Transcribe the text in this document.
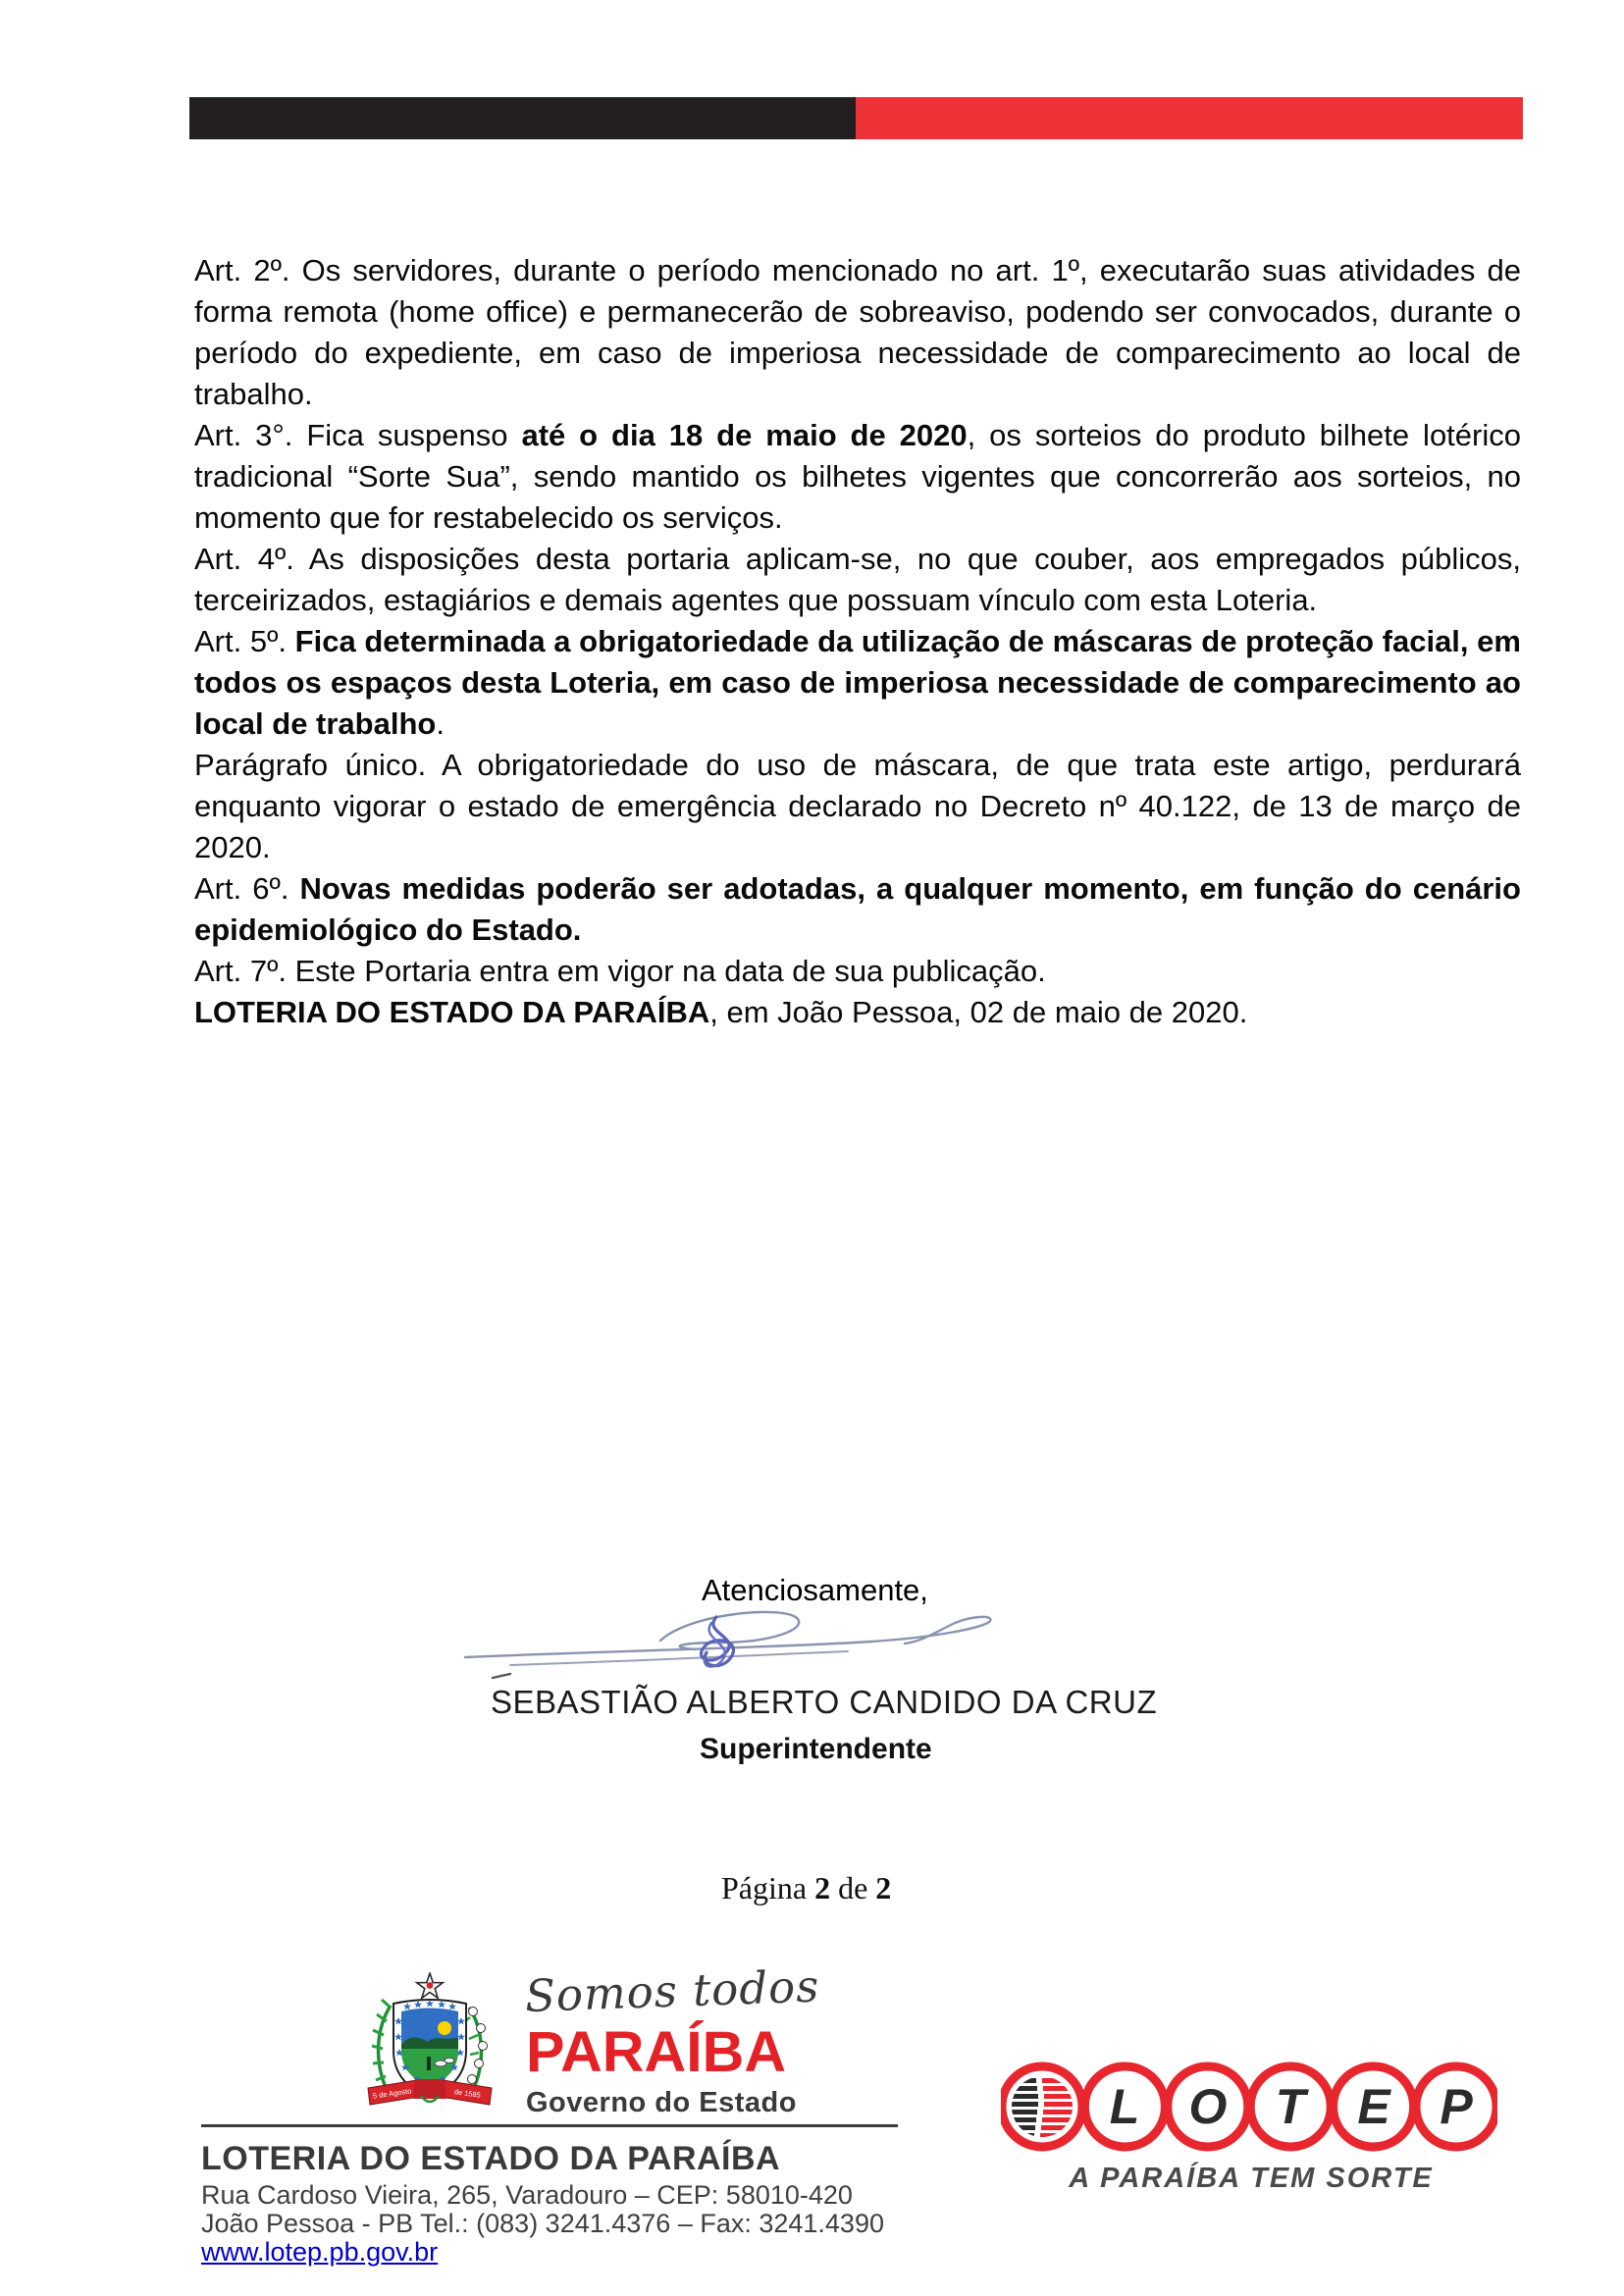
Art. 2º. Os servidores, durante o período mencionado no art. 1º, executarão suas atividades de forma remota (home office) e permanecerão de sobreaviso, podendo ser convocados, durante o período do expediente, em caso de imperiosa necessidade de comparecimento ao local de trabalho.

Art. 3°. Fica suspenso até o dia 18 de maio de 2020, os sorteios do produto bilhete lotérico tradicional “Sorte Sua”, sendo mantido os bilhetes vigentes que concorrerão aos sorteios, no momento que for restabelecido os serviços.

Art. 4º. As disposições desta portaria aplicam-se, no que couber, aos empregados públicos, terceirizados, estagiários e demais agentes que possuam vínculo com esta Loteria.

Art. 5º. Fica determinada a obrigatoriedade da utilização de máscaras de proteção facial, em todos os espaços desta Loteria, em caso de imperiosa necessidade de comparecimento ao local de trabalho.

Parágrafo único. A obrigatoriedade do uso de máscara, de que trata este artigo, perdurará enquanto vigorar o estado de emergência declarado no Decreto nº 40.122, de 13 de março de 2020.

Art. 6º. Novas medidas poderão ser adotadas, a qualquer momento, em função do cenário epidemiológico do Estado.

Art. 7º. Este Portaria entra em vigor na data de sua publicação.

LOTERIA DO ESTADO DA PARAÍBA, em João Pessoa, 02 de maio de 2020.

Atenciosamente,
SEBASTIÃO ALBERTO CANDIDO DA CRUZ
Superintendente
Página 2 de 2
5 de Agosto	de 1585
Somos todos
PARAÍBA
Governo do Estado
LOTERIA DO ESTADO DA PARAÍBA
Rua Cardoso Vieira, 265, Varadouro – CEP: 58010-420
João Pessoa - PB Tel.: (083) 3241.4376 – Fax: 3241.4390
www.lotep.pb.gov.br
L O T E P
A PARAÍBA TEM SORTE
